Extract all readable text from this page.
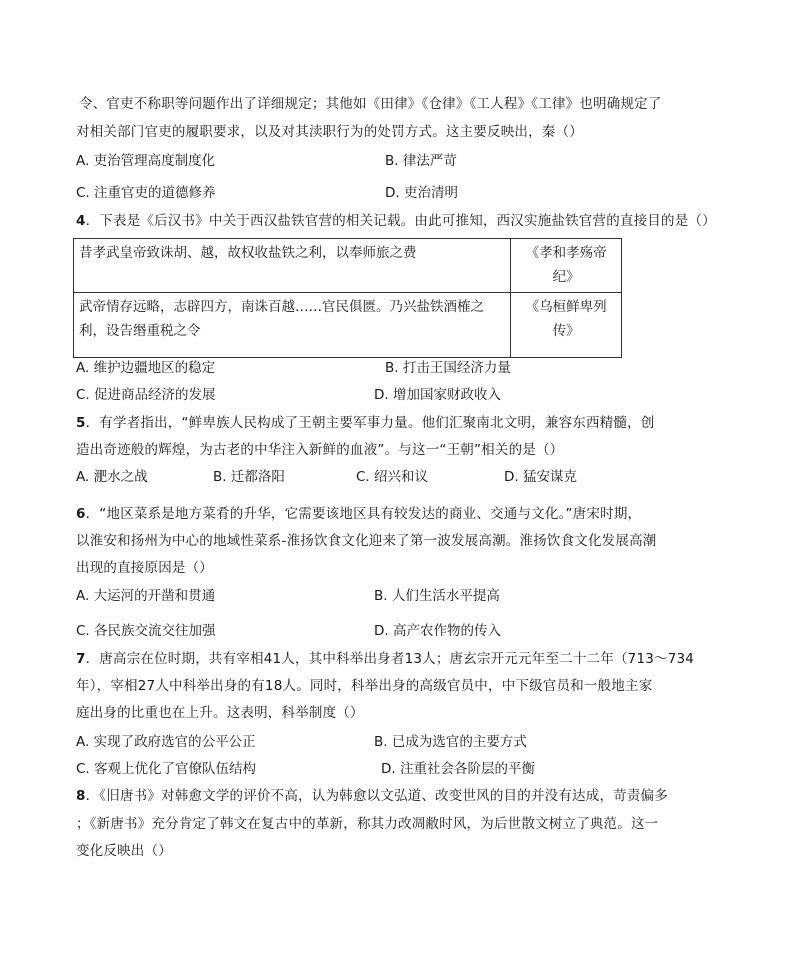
令、官吏不称职等问题作出了详细规定；其他如《田律》《仓律》《工人程》《工律》也明确规定了
对相关部门官吏的履职要求，以及对其渎职行为的处罚方式。这主要反映出，秦（）
A. 吏治管理高度制度化	B. 律法严苛
C. 注重官吏的道德修养	D. 吏治清明
4．下表是《后汉书》中关于西汉盐铁官营的相关记载。由此可推知，西汉实施盐铁官营的直接目的是（）
昔孝武皇帝致诛胡、越，故权收盐铁之利，以奉师旅之费	《孝和孝殇帝纪》
武帝情存远略，志辟四方，南诛百越……官民俱匮。乃兴盐铁酒榷之利，设告缗重税之令	《乌桓鲜卑列传》
A. 维护边疆地区的稳定	B. 打击王国经济力量
C. 促进商品经济的发展	D. 增加国家财政收入
5．有学者指出，“鲜卑族人民构成了王朝主要军事力量。他们汇聚南北文明，兼容东西精髓，创
造出奇迹般的辉煌，为古老的中华注入新鲜的血液”。与这一“王朝”相关的是（）
A. 淝水之战	B. 迁都洛阳	C. 绍兴和议	D. 猛安谋克
6．“地区菜系是地方菜肴的升华，它需要该地区具有较发达的商业、交通与文化。”唐宋时期，
以淮安和扬州为中心的地域性菜系-淮扬饮食文化迎来了第一波发展高潮。淮扬饮食文化发展高潮
出现的直接原因是（）
A. 大运河的开凿和贯通	B. 人们生活水平提高
C. 各民族交流交往加强	D. 高产农作物的传入
7．唐高宗在位时期，共有宰相41人，其中科举出身者13人；唐玄宗开元元年至二十二年（713～734
年），宰相27人中科举出身的有18人。同时，科举出身的高级官员中，中下级官员和一般地主家
庭出身的比重也在上升。这表明，科举制度（）
A. 实现了政府选官的公平公正	B. 已成为选官的主要方式
C. 客观上优化了官僚队伍结构	D. 注重社会各阶层的平衡
8．《旧唐书》对韩愈文学的评价不高，认为韩愈以文弘道、改变世风的目的并没有达成，苛责偏多
；《新唐书》充分肯定了韩文在复古中的革新，称其力改凋敝时风，为后世散文树立了典范。这一
变化反映出（）
